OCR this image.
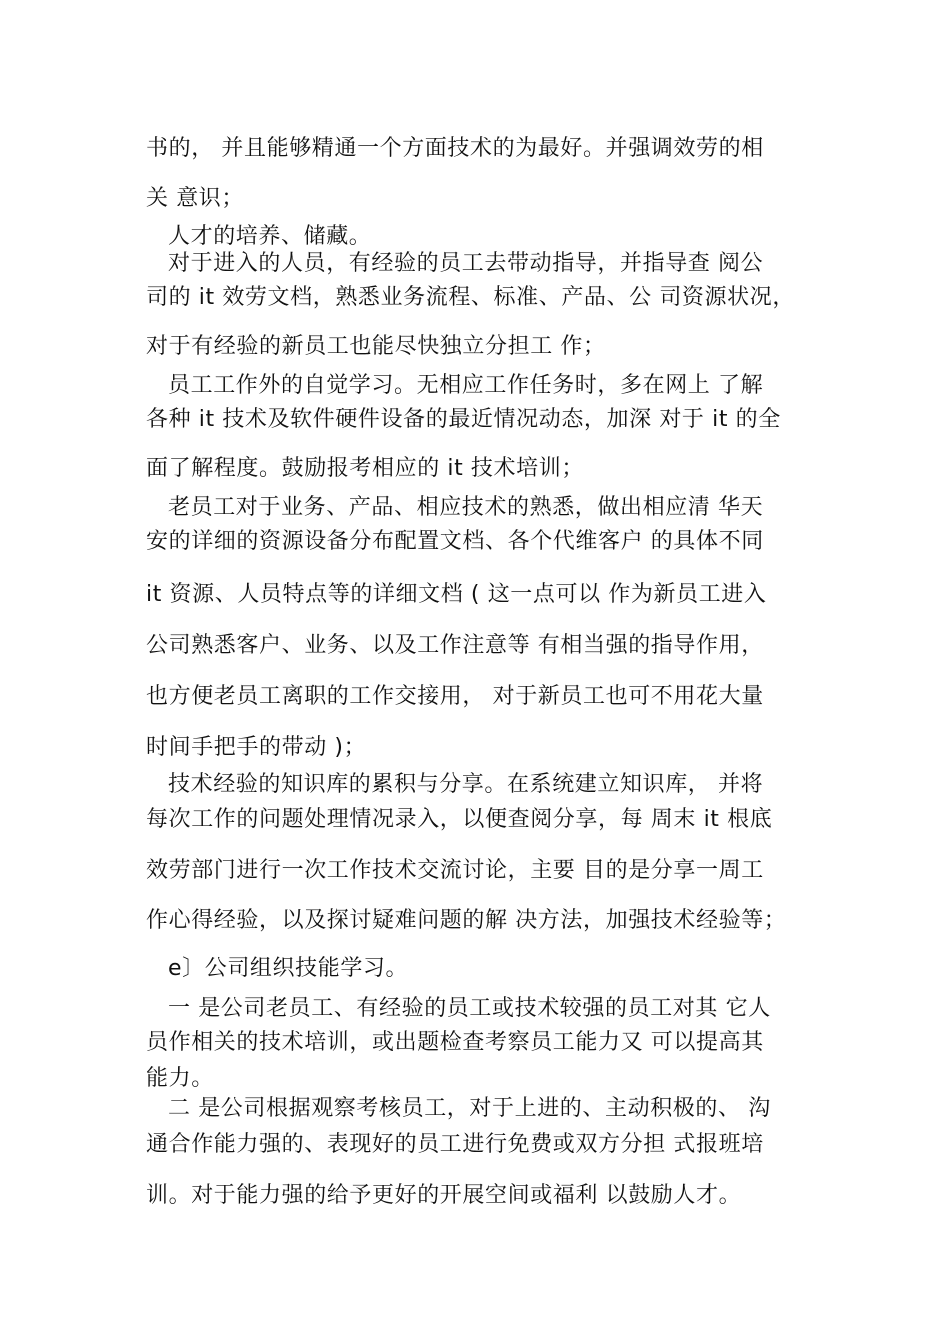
书的， 并且能够精通一个方面技术的为最好。并强调效劳的相
关 意识；
人才的培养、储藏。
对于进入的人员，有经验的员工去带动指导，并指导查 阅公
司的 it 效劳文档，熟悉业务流程、标准、产品、公 司资源状况，
对于有经验的新员工也能尽快独立分担工 作；
员工工作外的自觉学习。无相应工作任务时，多在网上 了解
各种 it 技术及软件硬件设备的最近情况动态，加深 对于 it 的全
面了解程度。鼓励报考相应的 it 技术培训；
老员工对于业务、产品、相应技术的熟悉，做出相应清 华天
安的详细的资源设备分布配置文档、各个代维客户 的具体不同
it 资源、人员特点等的详细文档 ( 这一点可以 作为新员工进入
公司熟悉客户、业务、以及工作注意等 有相当强的指导作用，
也方便老员工离职的工作交接用， 对于新员工也可不用花大量
时间手把手的带动 )；
技术经验的知识库的累积与分享。在系统建立知识库， 并将
每次工作的问题处理情况录入，以便查阅分享，每 周末 it 根底
效劳部门进行一次工作技术交流讨论，主要 目的是分享一周工
作心得经验，以及探讨疑难问题的解 决方法，加强技术经验等；
e〕公司组织技能学习。
一 是公司老员工、有经验的员工或技术较强的员工对其 它人
员作相关的技术培训，或出题检查考察员工能力又 可以提高其
能力。
二 是公司根据观察考核员工，对于上进的、主动积极的、 沟
通合作能力强的、表现好的员工进行免费或双方分担 式报班培
训。对于能力强的给予更好的开展空间或福利 以鼓励人才。
